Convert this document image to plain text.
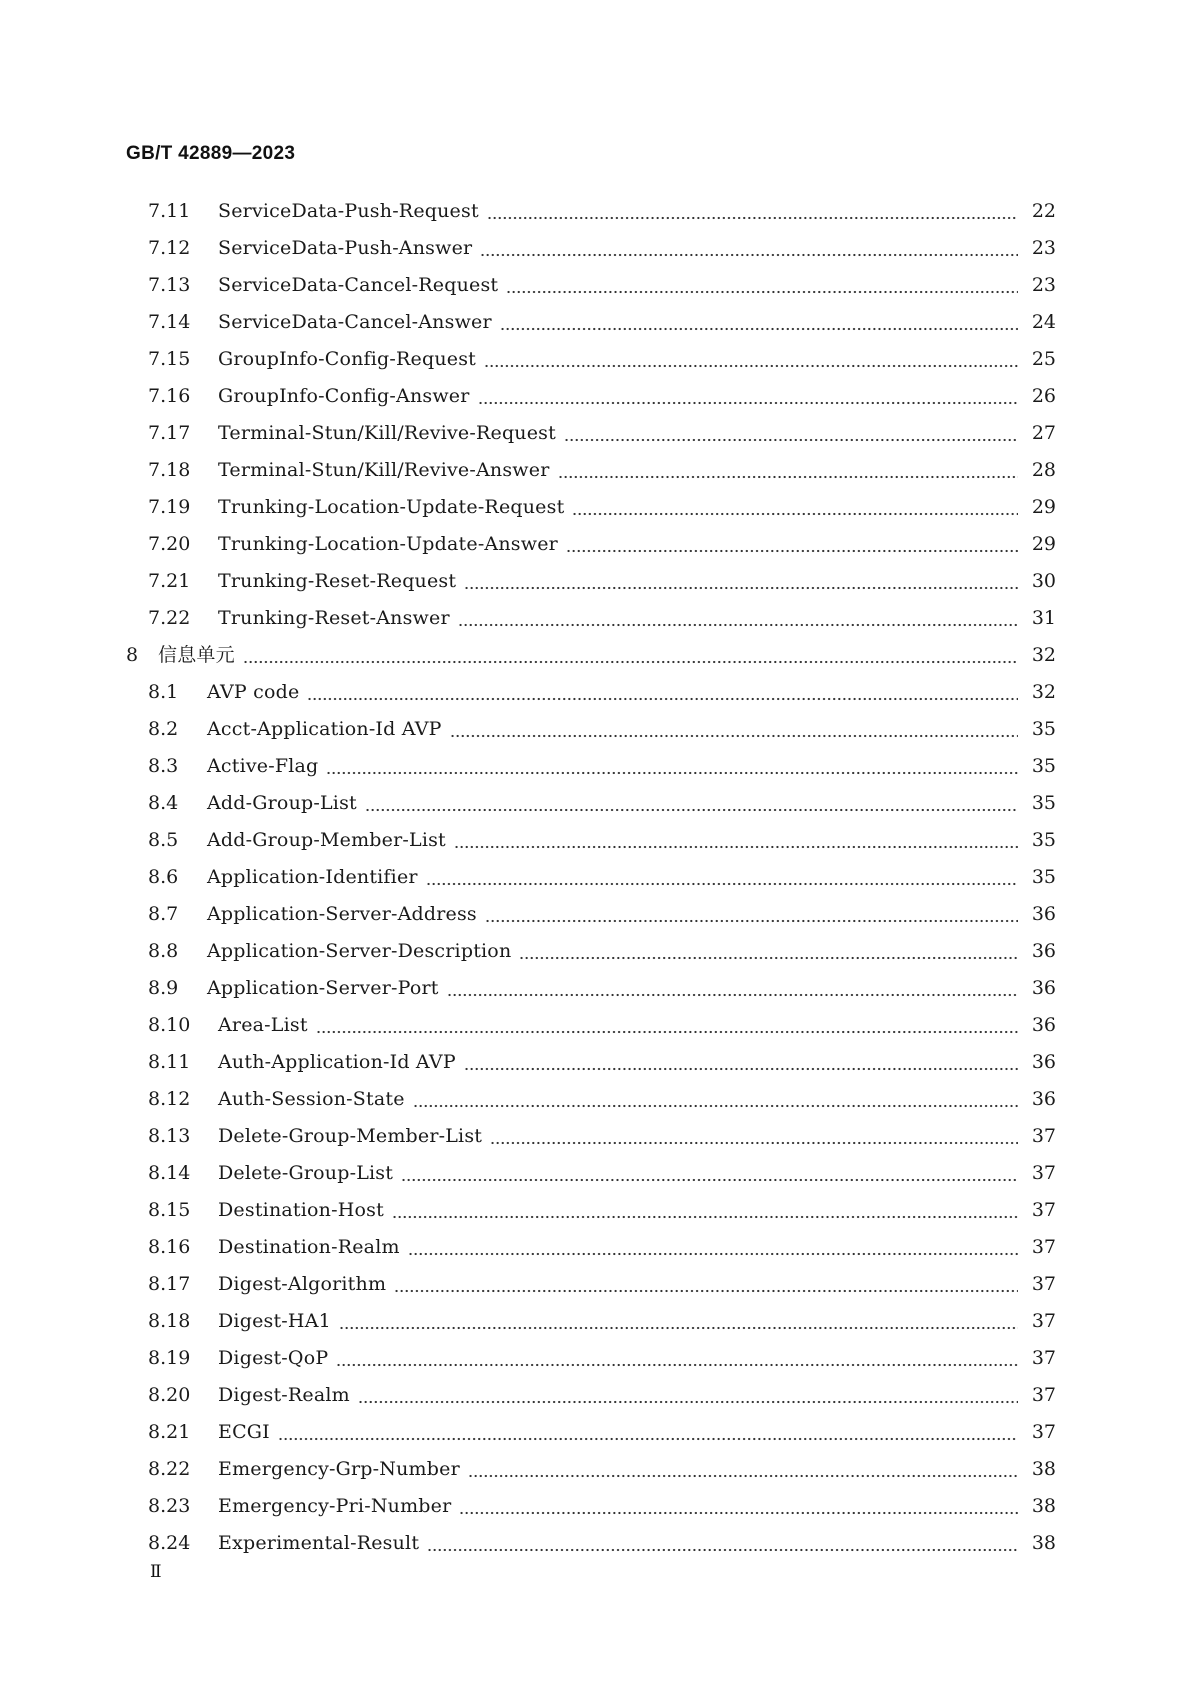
GB/T 42889—2023
7.11	ServiceData-Push-Request	22
7.12	ServiceData-Push-Answer	23
7.13	ServiceData-Cancel-Request	23
7.14	ServiceData-Cancel-Answer	24
7.15	GroupInfo-Config-Request	25
7.16	GroupInfo-Config-Answer	26
7.17	Terminal-Stun/Kill/Revive-Request	27
7.18	Terminal-Stun/Kill/Revive-Answer	28
7.19	Trunking-Location-Update-Request	29
7.20	Trunking-Location-Update-Answer	29
7.21	Trunking-Reset-Request	30
7.22	Trunking-Reset-Answer	31
8	信息单元	32
8.1	AVP code	32
8.2	Acct-Application-Id AVP	35
8.3	Active-Flag	35
8.4	Add-Group-List	35
8.5	Add-Group-Member-List	35
8.6	Application-Identifier	35
8.7	Application-Server-Address	36
8.8	Application-Server-Description	36
8.9	Application-Server-Port	36
8.10	Area-List	36
8.11	Auth-Application-Id AVP	36
8.12	Auth-Session-State	36
8.13	Delete-Group-Member-List	37
8.14	Delete-Group-List	37
8.15	Destination-Host	37
8.16	Destination-Realm	37
8.17	Digest-Algorithm	37
8.18	Digest-HA1	37
8.19	Digest-QoP	37
8.20	Digest-Realm	37
8.21	ECGI	37
8.22	Emergency-Grp-Number	38
8.23	Emergency-Pri-Number	38
8.24	Experimental-Result	38
Ⅱ
